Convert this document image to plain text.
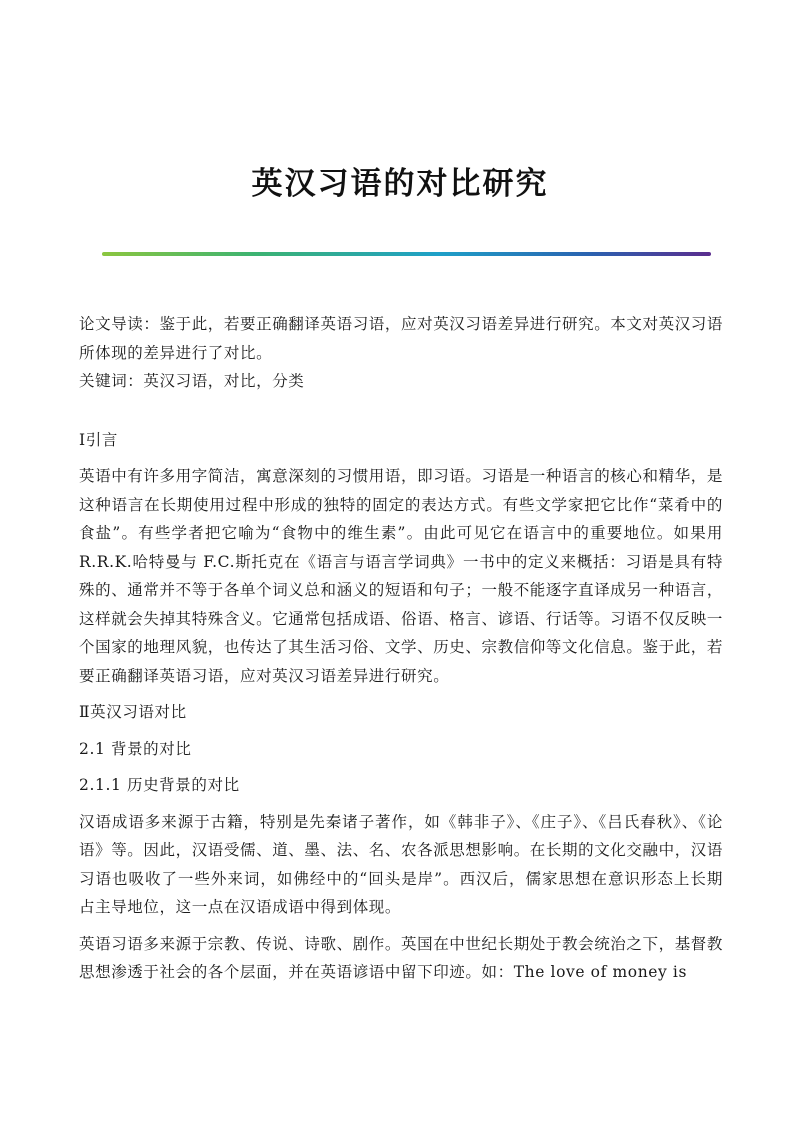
英汉习语的对比研究

论文导读：鉴于此，若要正确翻译英语习语，应对英汉习语差异进行研究。本文对英汉习语所体现的差异进行了对比。

关键词：英汉习语，对比，分类

Ⅰ引言

英语中有许多用字简洁，寓意深刻的习惯用语，即习语。习语是一种语言的核心和精华，是这种语言在长期使用过程中形成的独特的固定的表达方式。有些文学家把它比作“菜肴中的食盐”。有些学者把它喻为“食物中的维生素”。由此可见它在语言中的重要地位。如果用R.R.K.哈特曼与 F.C.斯托克在《语言与语言学词典》一书中的定义来概括：习语是具有特殊的、通常并不等于各单个词义总和涵义的短语和句子；一般不能逐字直译成另一种语言，这样就会失掉其特殊含义。它通常包括成语、俗语、格言、谚语、行话等。习语不仅反映一个国家的地理风貌，也传达了其生活习俗、文学、历史、宗教信仰等文化信息。鉴于此，若要正确翻译英语习语，应对英汉习语差异进行研究。

Ⅱ英汉习语对比

2.1 背景的对比

2.1.1 历史背景的对比

汉语成语多来源于古籍，特别是先秦诸子著作，如《韩非子》、《庄子》、《吕氏春秋》、《论语》等。因此，汉语受儒、道、墨、法、名、农各派思想影响。在长期的文化交融中，汉语习语也吸收了一些外来词，如佛经中的“回头是岸”。西汉后，儒家思想在意识形态上长期占主导地位，这一点在汉语成语中得到体现。

英语习语多来源于宗教、传说、诗歌、剧作。英国在中世纪长期处于教会统治之下，基督教思想渗透于社会的各个层面，并在英语谚语中留下印迹。如：The love of money is
